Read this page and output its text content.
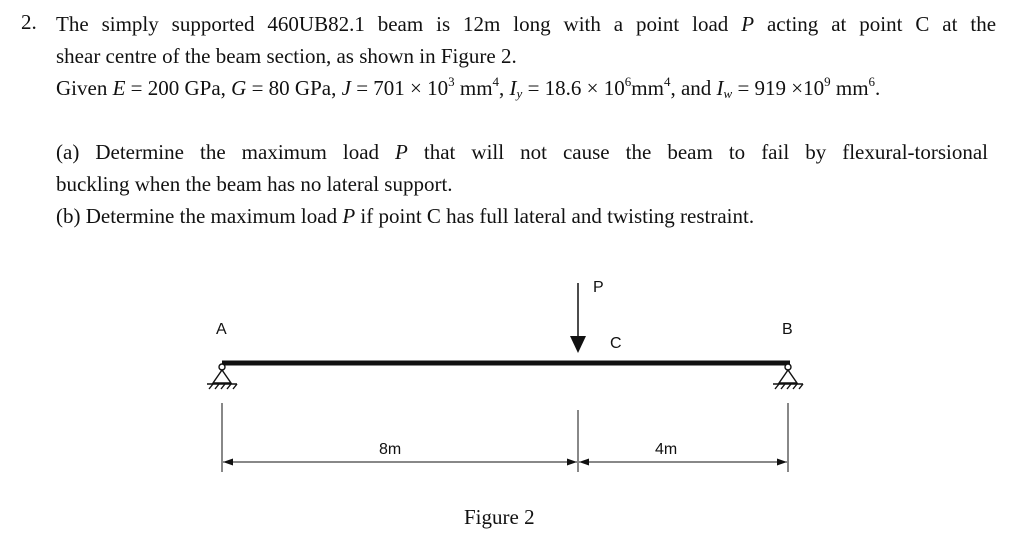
2. The simply supported 460UB82.1 beam is 12m long with a point load P acting at point C at the
shear centre of the beam section, as shown in Figure 2.
Given E = 200 GPa, G = 80 GPa, $J = 701 \times 10^3$ $mm^4$, $I_y = 18.6 \times 10^6mm^4$, and $I_w = 919 \times 10^9$ $mm^6$.
(a) Determine the maximum load P that will not cause the beam to fail by flexural-torsional
buckling when the beam has no lateral support.
(b) Determine the maximum load P if point C has full lateral and twisting restraint.
A	B
P
C
8m	4m
Figure 2
